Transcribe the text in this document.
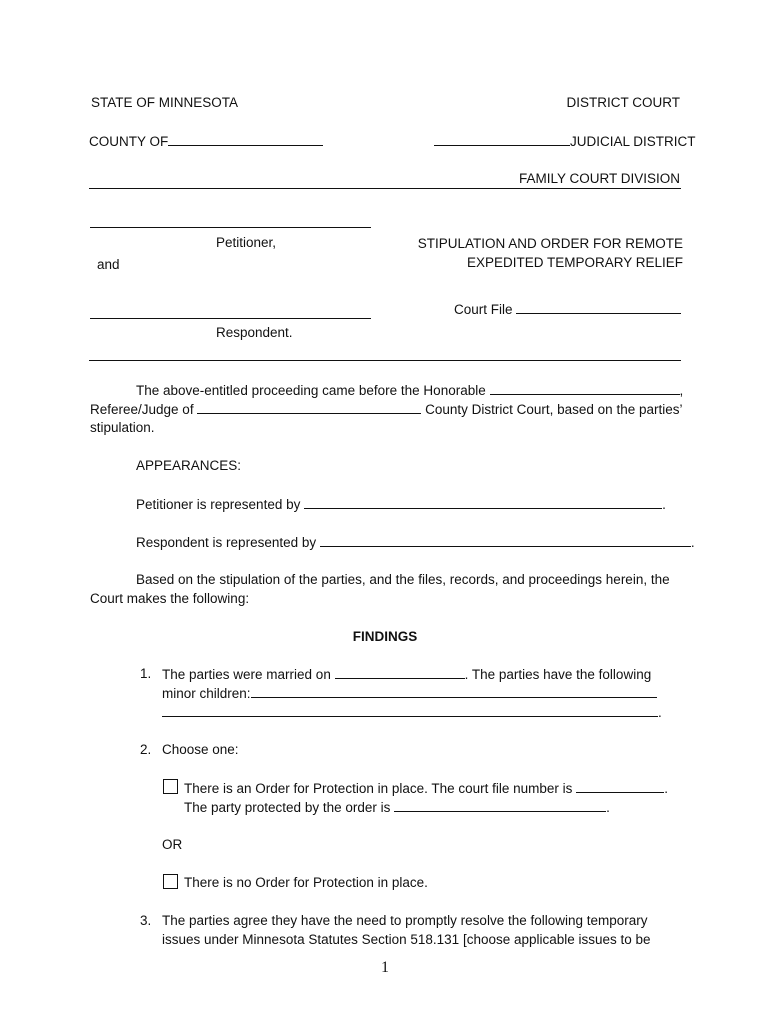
STATE OF MINNESOTA	DISTRICT COURT
COUNTY OF	JUDICIAL DISTRICT
FAMILY COURT DIVISION
Petitioner,
and
STIPULATION AND ORDER FOR REMOTE
EXPEDITED TEMPORARY RELIEF
Court File
Respondent.
The above-entitled proceeding came before the Honorable	,
Referee/Judge of	County District Court, based on the parties’
stipulation.
APPEARANCES:
Petitioner is represented by	.
Respondent is represented by	.
Based on the stipulation of the parties, and the files, records, and proceedings herein, the
Court makes the following:
FINDINGS
1. The parties were married on	. The parties have the following
minor children:
.
2. Choose one:
There is an Order for Protection in place. The court file number is	.
The party protected by the order is	.
OR
There is no Order for Protection in place.
3. The parties agree they have the need to promptly resolve the following temporary
issues under Minnesota Statutes Section 518.131 [choose applicable issues to be
1
